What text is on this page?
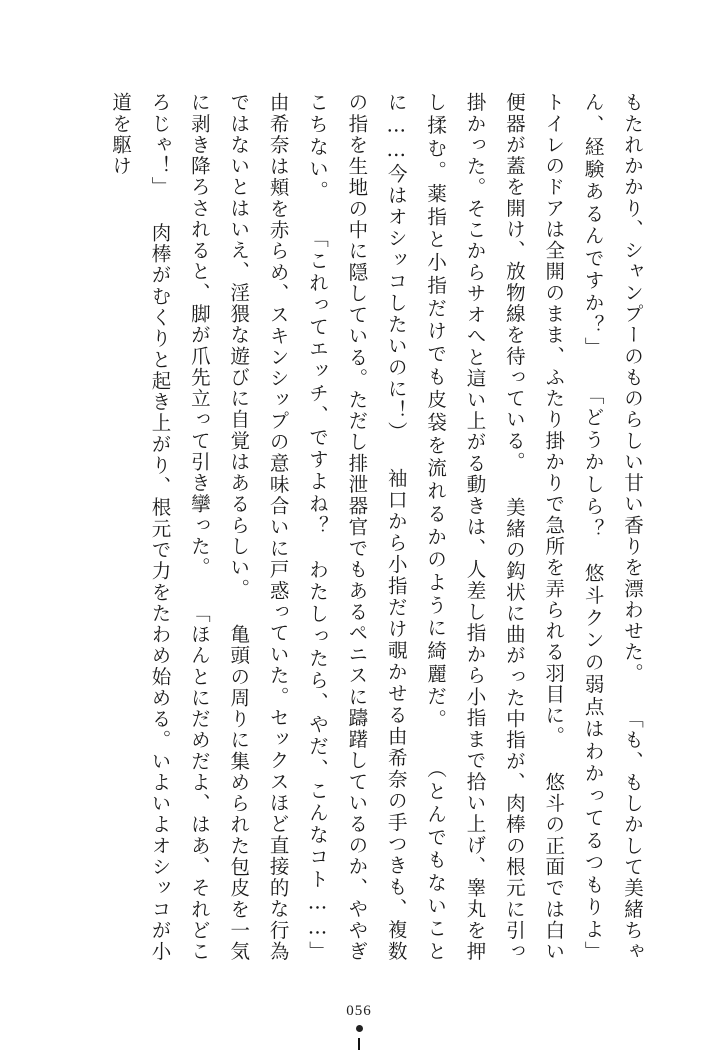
もたれかかり、シャンプーのものらしい甘い香りを漂わせた。 「も、もしかして美緒ちゃん、経験あるんですか？」 「どうかしら？　悠斗クンの弱点はわかってるつもりよ」 トイレのドアは全開のまま、ふたり掛かりで急所を弄られる羽目に。 悠斗の正面では白い便器が蓋を開け、放物線を待っている。 美緒の鈎状に曲がった中指が、肉棒の根元に引っ掛かった。そこからサオへと這い上がる動きは、人差し指から小指まで拾い上げ、睾丸を押し揉む。薬指と小指だけでも皮袋を流れるかのように綺麗だ。 （とんでもないことに……今はオシッコしたいのに！） 袖口から小指だけ覗かせる由希奈の手つきも、複数の指を生地の中に隠している。ただし排泄器官でもあるペニスに躊躇しているのか、ややぎこちない。 「これってエッチ、ですよね？　わたしったら、やだ、こんなコト……」 由希奈は頬を赤らめ、スキンシップの意味合いに戸惑っていた。セックスほど直接的な行為ではないとはいえ、淫猥な遊びに自覚はあるらしい。 亀頭の周りに集められた包皮を一気に剥き降ろされると、脚が爪先立って引き攣った。 「ほんとにだめだよ、はあ、それどころじゃ！」 肉棒がむくりと起き上がり、根元で力をたわめ始める。いよいよオシッコが小道を駆け
056
